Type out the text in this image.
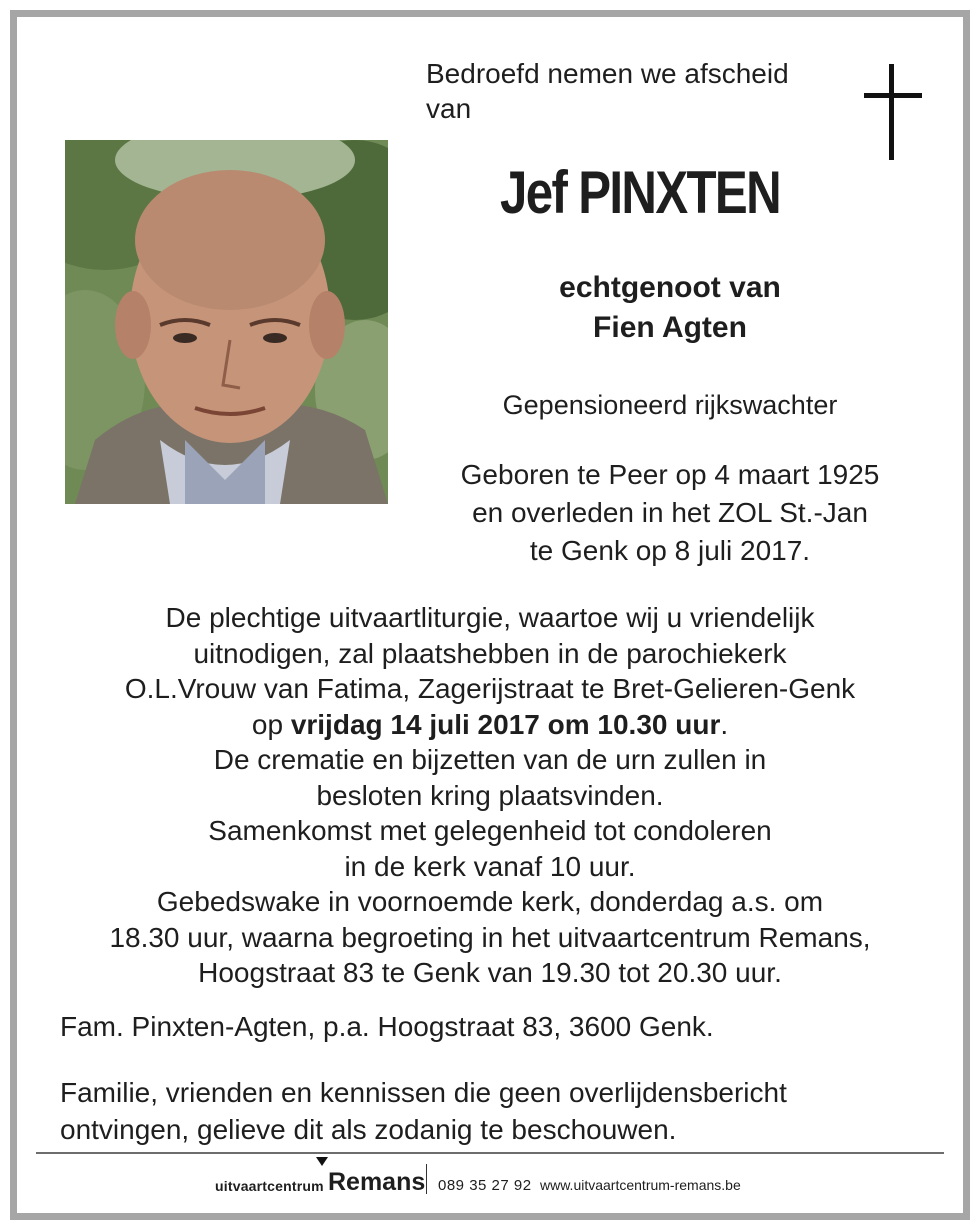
Bedroefd nemen we afscheid
van
Jef PINXTEN
echtgenoot van
Fien Agten
Gepensioneerd rijkswachter
Geboren te Peer op 4 maart 1925
en overleden in het ZOL St.-Jan
te Genk op 8 juli 2017.
De plechtige uitvaartliturgie, waartoe wij u vriendelijk
uitnodigen, zal plaatshebben in de parochiekerk
O.L.Vrouw van Fatima, Zagerijstraat te Bret-Gelieren-Genk
op vrijdag 14 juli 2017 om 10.30 uur.
De crematie en bijzetten van de urn zullen in
besloten kring plaatsvinden.
Samenkomst met gelegenheid tot condoleren
in de kerk vanaf 10 uur.
Gebedswake in voornoemde kerk, donderdag a.s. om
18.30 uur, waarna begroeting in het uitvaartcentrum Remans,
Hoogstraat 83 te Genk van 19.30 tot 20.30 uur.
Fam. Pinxten-Agten, p.a. Hoogstraat 83, 3600 Genk.
Familie, vrienden en kennissen die geen overlijdensbericht
ontvingen, gelieve dit als zodanig te beschouwen.
uitvaartcentrum Remans 089 35 27 92 www.uitvaartcentrum-remans.be
